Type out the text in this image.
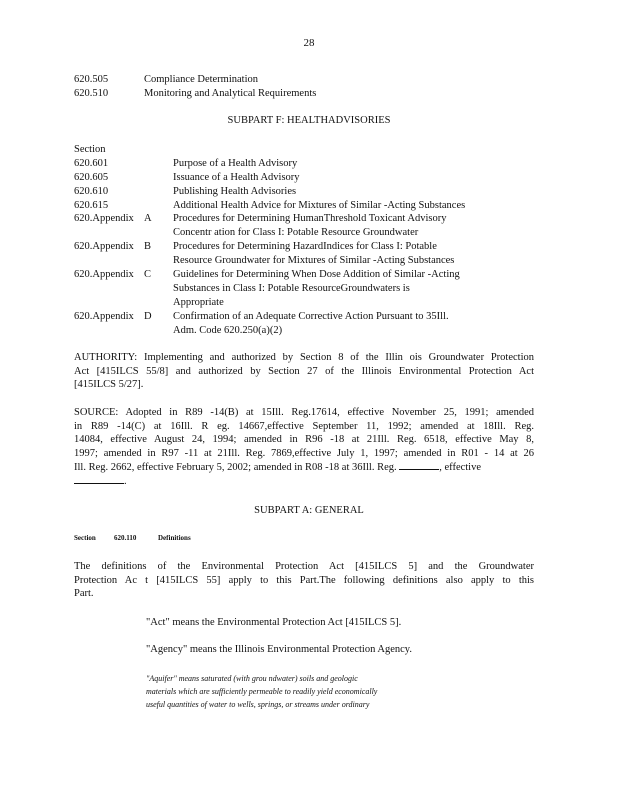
28
620.505	Compliance Determination
620.510	Monitoring and Analytical Requirements
SUBPART F: HEALTHADVISORIES
Section
620.601	Purpose of a Health Advisory
620.605	Issuance of a Health Advisory
620.610	Publishing Health Advisories
620.615	Additional Health Advice for Mixtures of Similar -Acting Substances
620.Appendix A Procedures for Determining HumanThreshold Toxicant Advisory
Concentr ation for Class I: Potable Resource Groundwater
620.Appendix B Procedures for Determining HazardIndices for Class I: Potable
Resource Groundwater for Mixtures of Similar -Acting Substances
620.Appendix C Guidelines for Determining When Dose Addition of Similar -Acting
Substances in Class I: Potable ResourceGroundwaters is
Appropriate
620.Appendix D Confirmation of an Adequate Corrective Action Pursuant to 35Ill.
Adm. Code 620.250(a)(2)
AUTHORITY: Implementing and authorized by Section 8 of the Illin ois Groundwater Protection
Act [415ILCS 55/8] and authorized by Section 27 of the Illinois Environmental Protection Act
[415ILCS 5/27].
SOURCE: Adopted in R89 -14(B) at 15Ill. Reg.17614, effective November 25, 1991; amended
in R89 -14(C) at 16Ill. R eg. 14667,effective September 11, 1992; amended at 18Ill. Reg.
14084, effective August 24, 1994; amended in R96 -18 at 21Ill. Reg. 6518, effective May 8,
1997; amended in R97 -11 at 21Ill. Reg. 7869,effective July 1, 1997; amended in R01 - 14 at 26
Ill. Reg. 2662, effective February 5, 2002; amended in R08 -18 at 36Ill. Reg.	, effective
.
SUBPART A: GENERAL
Section	620.110	Definitions
The definitions of the Environmental Protection Act [415ILCS 5] and the Groundwater
Protection Ac t [415ILCS 55] apply to this Part.The following definitions also apply to this
Part.
"Act" means the Environmental Protection Act [415ILCS 5].
"Agency" means the Illinois Environmental Protection Agency.
"Aquifer" means saturated (with grou ndwater) soils and geologic
materials which are sufficiently permeable to readily yield economically
useful quantities of water to wells, springs, or streams under ordinary
